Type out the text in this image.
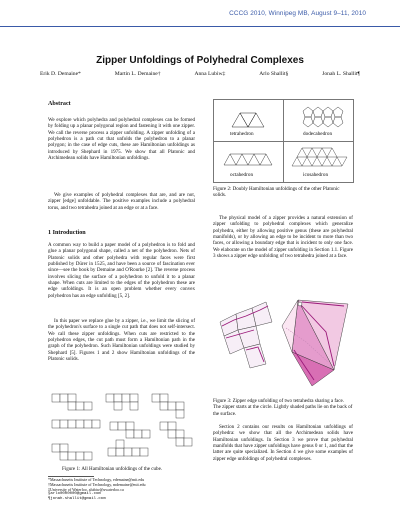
CCCG 2010, Winnipeg MB, August 9–11, 2010
Zipper Unfoldings of Polyhedral Complexes
Erik D. Demaine*	Martin L. Demaine†	Anna Lubiw‡	Arlo Shallit§	Jonah L. Shallit¶
Abstract
We explore which polyhedra and polyhedral complexes can be formed by folding up a planar polygonal region and fastening it with one zipper. We call the reverse process a zipper unfolding. A zipper unfolding of a polyhedron is a path cut that unfolds the polyhedron to a planar polygon; in the case of edge cuts, these are Hamiltonian unfoldings as introduced by Shephard in 1975. We show that all Platonic and Archimedean solids have Hamiltonian unfoldings.
We give examples of polyhedral complexes that are, and are not, zipper [edge] unfoldable. The positive examples include a polyhedral torus, and two tetrahedra joined at an edge or at a face.
1 Introduction
A common way to build a paper model of a polyhedron is to fold and glue a planar polygonal shape, called a net of the polyhedron. Nets of Platonic solids and other polyhedra with regular faces were first published by Dürer in 1525, and have been a source of fascination ever since—see the book by Demaine and O'Rourke [2]. The reverse process involves slicing the surface of a polyhedron to unfold it to a planar shape. When cuts are limited to the edges of the polyhedron these are edge unfoldings. It is an open problem whether every convex polyhedron has an edge unfolding [5, 2].
In this paper we replace glue by a zipper, i.e., we limit the slicing of the polyhedron's surface to a single cut path that does not self-intersect. We call these zipper unfoldings. When cuts are restricted to the polyhedron edges, the cut path must form a Hamiltonian path in the graph of the polyhedron. Such Hamiltonian unfoldings were studied by Shephard [5]. Figures 1 and 2 show Hamiltonian unfoldings of the Platonic solids.
Figure 1: All Hamiltonian unfoldings of the cube.
*Massachusetts Institute of Technology, edemaine@mit.edu
†Massachusetts Institute of Technology, mdemaine@mit.edu
‡University of Waterloo, alubiw@uwaterloo.ca
§arlo0000000@gmail.com
¶jonah.shallit@gmail.com
tetrahedron	dodecahedron
octahedron	icosahedron
Figure 2: Doubly Hamiltonian unfoldings of the other Platonic solids.
The physical model of a zipper provides a natural extension of zipper unfolding to polyhedral complexes which generalize polyhedra, either by allowing positive genus (these are polyhedral manifolds), or by allowing an edge to be incident to more than two faces, or allowing a boundary edge that is incident to only one face. We elaborate on the model of zipper unfolding in Section 1.1. Figure 3 shows a zipper edge unfolding of two tetrahedra joined at a face.
Figure 3: Zipper edge unfolding of two tetrahedra sharing a face. The zipper starts at the circle. Lightly shaded paths lie on the back of the surface.
Section 2 contains our results on Hamiltonian unfoldings of polyhedra: we show that all the Archimedean solids have Hamiltonian unfoldings. In Section 3 we prove that polyhedral manifolds that have zipper unfoldings have genus 0 or 1, and that the latter are quite specialized. In Section 4 we give some examples of zipper edge unfoldings of polyhedral complexes.
